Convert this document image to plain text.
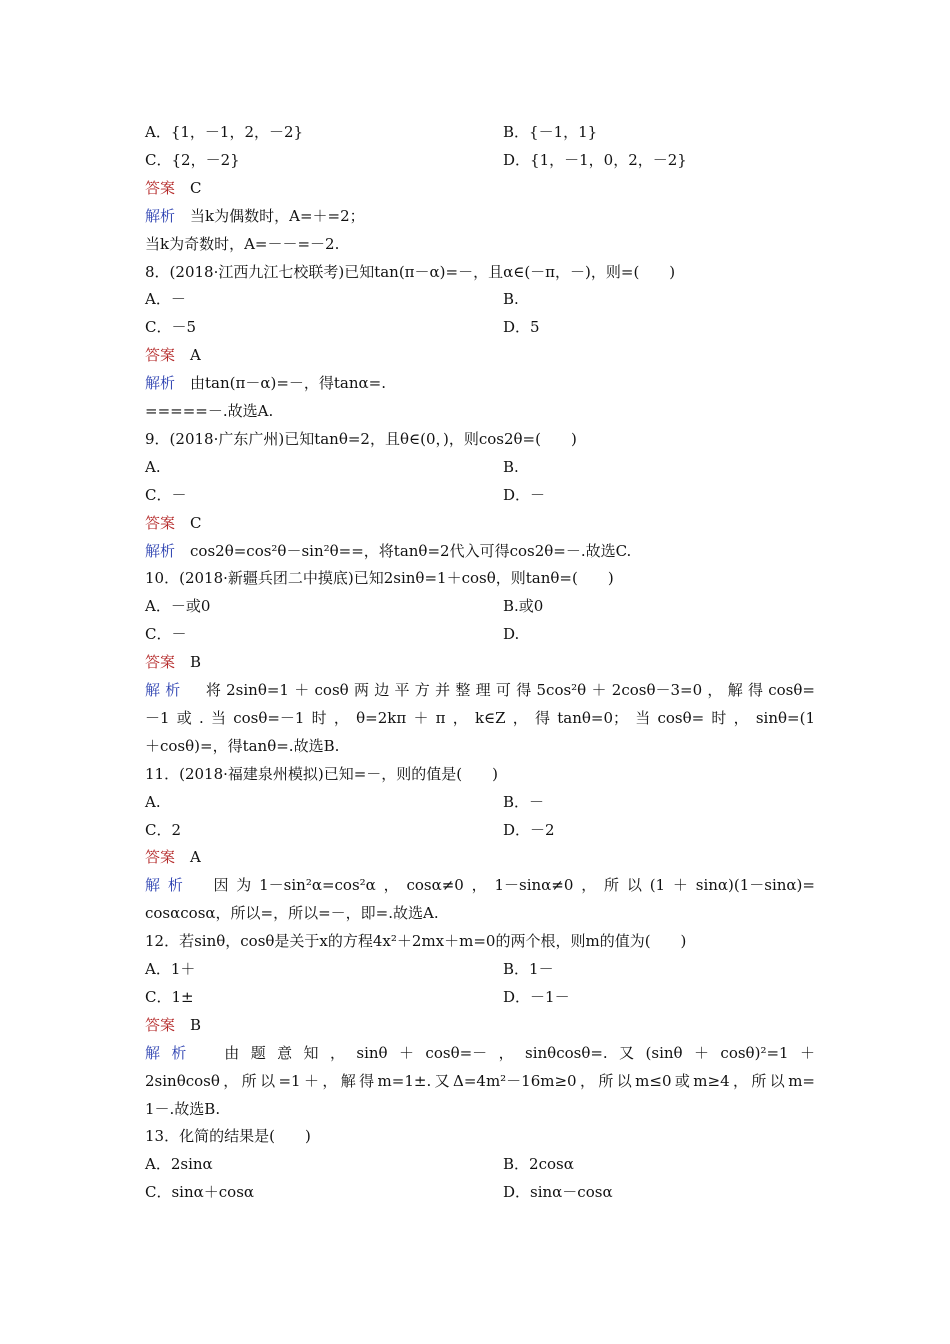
A．{1，－1，2，－2}	B．{－1，1}
C．{2，－2}	D．{1，－1，0，2，－2}
答案　C
解析　当k为偶数时，A=＋=2；
当k为奇数时，A=－－=－2.
8．(2018·江西九江七校联考)已知tan(π－α)=－，且α∈(－π，－)，则=(　　)
A．－	B.
C．－5	D．5
答案　A
解析　由tan(π－α)=－，得tanα=.
=====－.故选A.
9．(2018·广东广州)已知tanθ=2，且θ∈(0，)，则cos2θ=(　　)
A.	B.
C．－	D．－
答案　C
解析　cos2θ=cos²θ－sin²θ==，将tanθ=2代入可得cos2θ=－.故选C.
10．(2018·新疆兵团二中摸底)已知2sinθ=1＋cosθ，则tanθ=(　　)
A．－或0	B.或0
C．－	D.
答案　B
解析　将2sinθ=1＋cosθ两边平方并整理可得5cos²θ＋2cosθ－3=0，解得cosθ=
－1或.当cosθ=－1时，θ=2kπ＋π，k∈Z，得tanθ=0；当cosθ=时，sinθ=(1
＋cosθ)=，得tanθ=.故选B.
11．(2018·福建泉州模拟)已知=－，则的值是(　　)
A.	B．－
C．2	D．－2
答案　A
解析　因为1－sin²α=cos²α，cosα≠0，1－sinα≠0，所以(1＋sinα)(1－sinα)=
cosαcosα，所以=，所以=－，即=.故选A.
12．若sinθ，cosθ是关于x的方程4x²＋2mx＋m=0的两个根，则m的值为(　　)
A．1＋	B．1－
C．1±	D．－1－
答案　B
解析　由题意知，sinθ＋cosθ=－，sinθcosθ=.又(sinθ＋cosθ)²=1＋
2sinθcosθ，所以=1＋，解得m=1±.又Δ=4m²－16m≥0，所以m≤0或m≥4，所以m=
1－.故选B.
13．化简的结果是(　　)
A．2sinα	B．2cosα
C．sinα＋cosα	D．sinα－cosα
